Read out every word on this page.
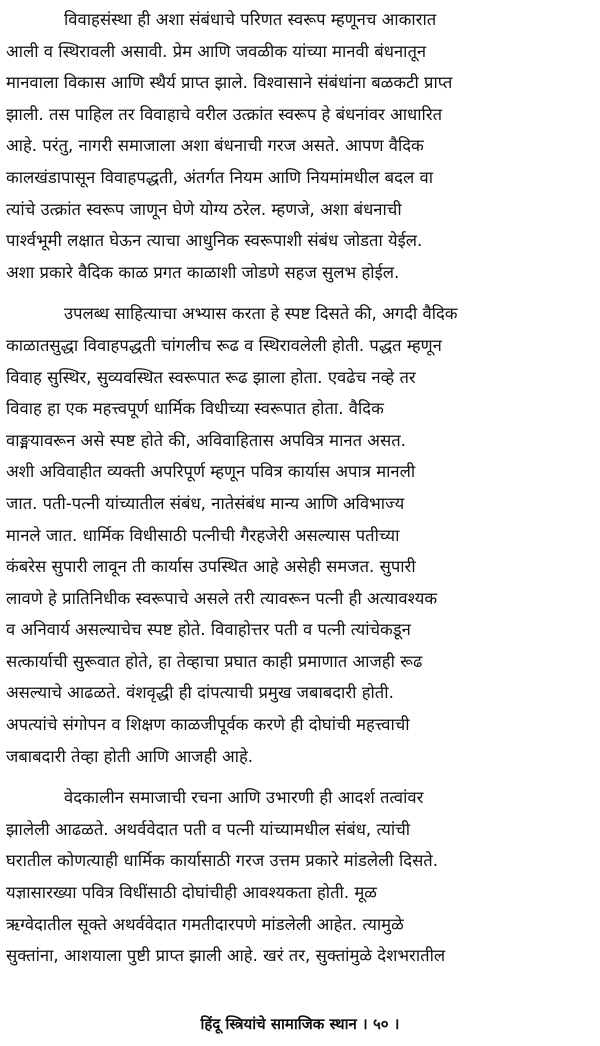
विवाहसंस्था ही अशा संबंधाचे परिणत स्वरूप म्हणूनच आकारात
आली व स्थिरावली असावी. प्रेम आणि जवळीक यांच्या मानवी बंधनातून
मानवाला विकास आणि स्थैर्य प्राप्त झाले. विश्वासाने संबंधांना बळकटी प्राप्त
झाली. तस पाहिल तर विवाहाचे वरील उत्क्रांत स्वरूप हे बंधनांवर आधारित
आहे. परंतु, नागरी समाजाला अशा बंधनाची गरज असते. आपण वैदिक
कालखंडापासून विवाहपद्धती, अंतर्गत नियम आणि नियमांमधील बदल वा
त्यांचे उत्क्रांत स्वरूप जाणून घेणे योग्य ठरेल. म्हणजे, अशा बंधनाची
पार्श्वभूमी लक्षात घेऊन त्याचा आधुनिक स्वरूपाशी संबंध जोडता येईल.
अशा प्रकारे वैदिक काळ प्रगत काळाशी जोडणे सहज सुलभ होईल.

उपलब्ध साहित्याचा अभ्यास करता हे स्पष्ट दिसते की, अगदी वैदिक
काळातसुद्धा विवाहपद्धती चांगलीच रूढ व स्थिरावलेली होती. पद्धत म्हणून
विवाह सुस्थिर, सुव्यवस्थित स्वरूपात रूढ झाला होता. एवढेच नव्हे तर
विवाह हा एक महत्त्वपूर्ण धार्मिक विधीच्या स्वरूपात होता. वैदिक
वाङ्मयावरून असे स्पष्ट होते की, अविवाहितास अपवित्र मानत असत.
अशी अविवाहीत व्यक्ती अपरिपूर्ण म्हणून पवित्र कार्यास अपात्र मानली
जात. पती-पत्नी यांच्यातील संबंध, नातेसंबंध मान्य आणि अविभाज्य
मानले जात. धार्मिक विधीसाठी पत्नीची गैरहजेरी असल्यास पतीच्या
कंबरेस सुपारी लावून ती कार्यास उपस्थित आहे असेही समजत. सुपारी
लावणे हे प्रातिनिधीक स्वरूपाचे असले तरी त्यावरून पत्नी ही अत्यावश्यक
व अनिवार्य असल्याचेच स्पष्ट होते. विवाहोत्तर पती व पत्नी त्यांचेकडून
सत्कार्याची सुरूवात होते, हा तेव्हाचा प्रघात काही प्रमाणात आजही रूढ
असल्याचे आढळते. वंशवृद्धी ही दांपत्याची प्रमुख जबाबदारी होती.
अपत्यांचे संगोपन व शिक्षण काळजीपूर्वक करणे ही दोघांची महत्त्वाची
जबाबदारी तेव्हा होती आणि आजही आहे.

वेदकालीन समाजाची रचना आणि उभारणी ही आदर्श तत्वांवर
झालेली आढळते. अथर्ववेदात पती व पत्नी यांच्यामधील संबंध, त्यांची
घरातील कोणत्याही धार्मिक कार्यासाठी गरज उत्तम प्रकारे मांडलेली दिसते.
यज्ञासारख्या पवित्र विधींसाठी दोघांचीही आवश्यकता होती. मूळ
ऋग्वेदातील सूक्ते अथर्ववेदात गमतीदारपणे मांडलेली आहेत. त्यामुळे
सुक्तांना, आशयाला पुष्टी प्राप्त झाली आहे. खरं तर, सुक्तांमुळे देशभरातील

हिंदू स्त्रियांचे सामाजिक स्थान । ५० ।
